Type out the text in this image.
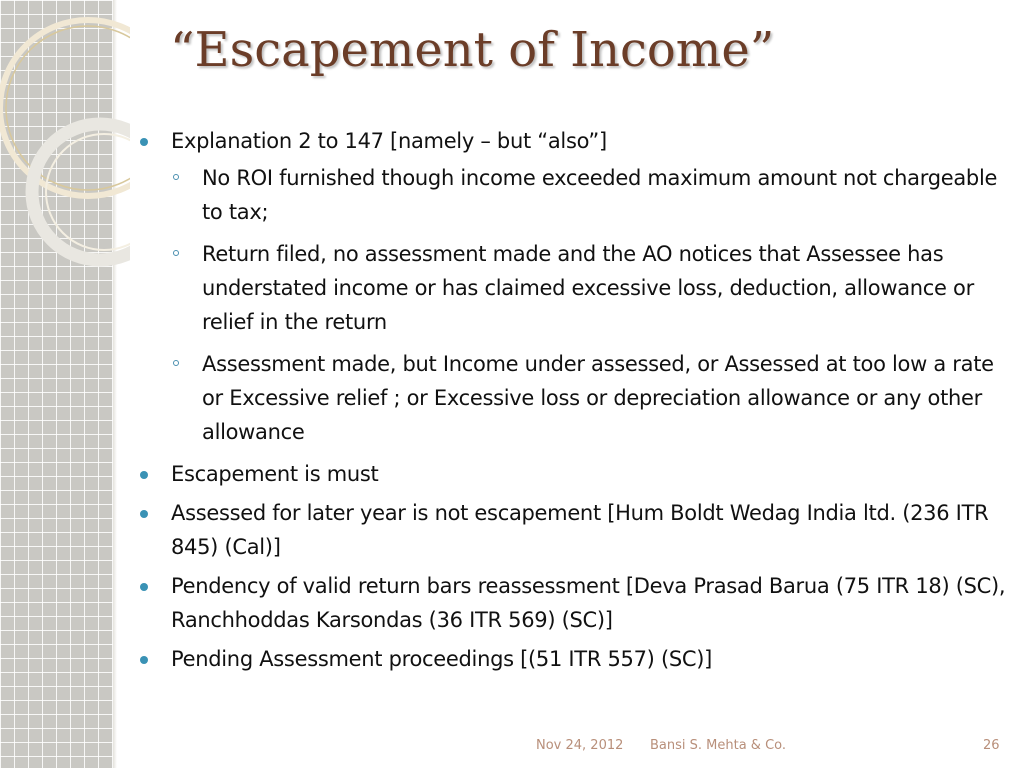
“Escapement of Income”
Explanation 2 to 147 [namely – but “also”]
No ROI furnished though income exceeded maximum amount not chargeable to tax;
Return filed, no assessment made and the AO notices that Assessee has understated income or has claimed excessive loss, deduction, allowance or relief in the return
Assessment made, but Income under assessed, or Assessed at too low a rate or Excessive relief ; or Excessive loss or depreciation allowance or any other allowance
Escapement is must
Assessed for later year is not escapement [Hum Boldt Wedag India ltd. (236 ITR 845) (Cal)]
Pendency of valid return bars reassessment [Deva Prasad Barua (75 ITR 18) (SC), Ranchhoddas Karsondas (36 ITR 569) (SC)]
Pending Assessment proceedings [(51 ITR 557) (SC)]
Nov 24, 2012 Bansi S. Mehta & Co.	26
